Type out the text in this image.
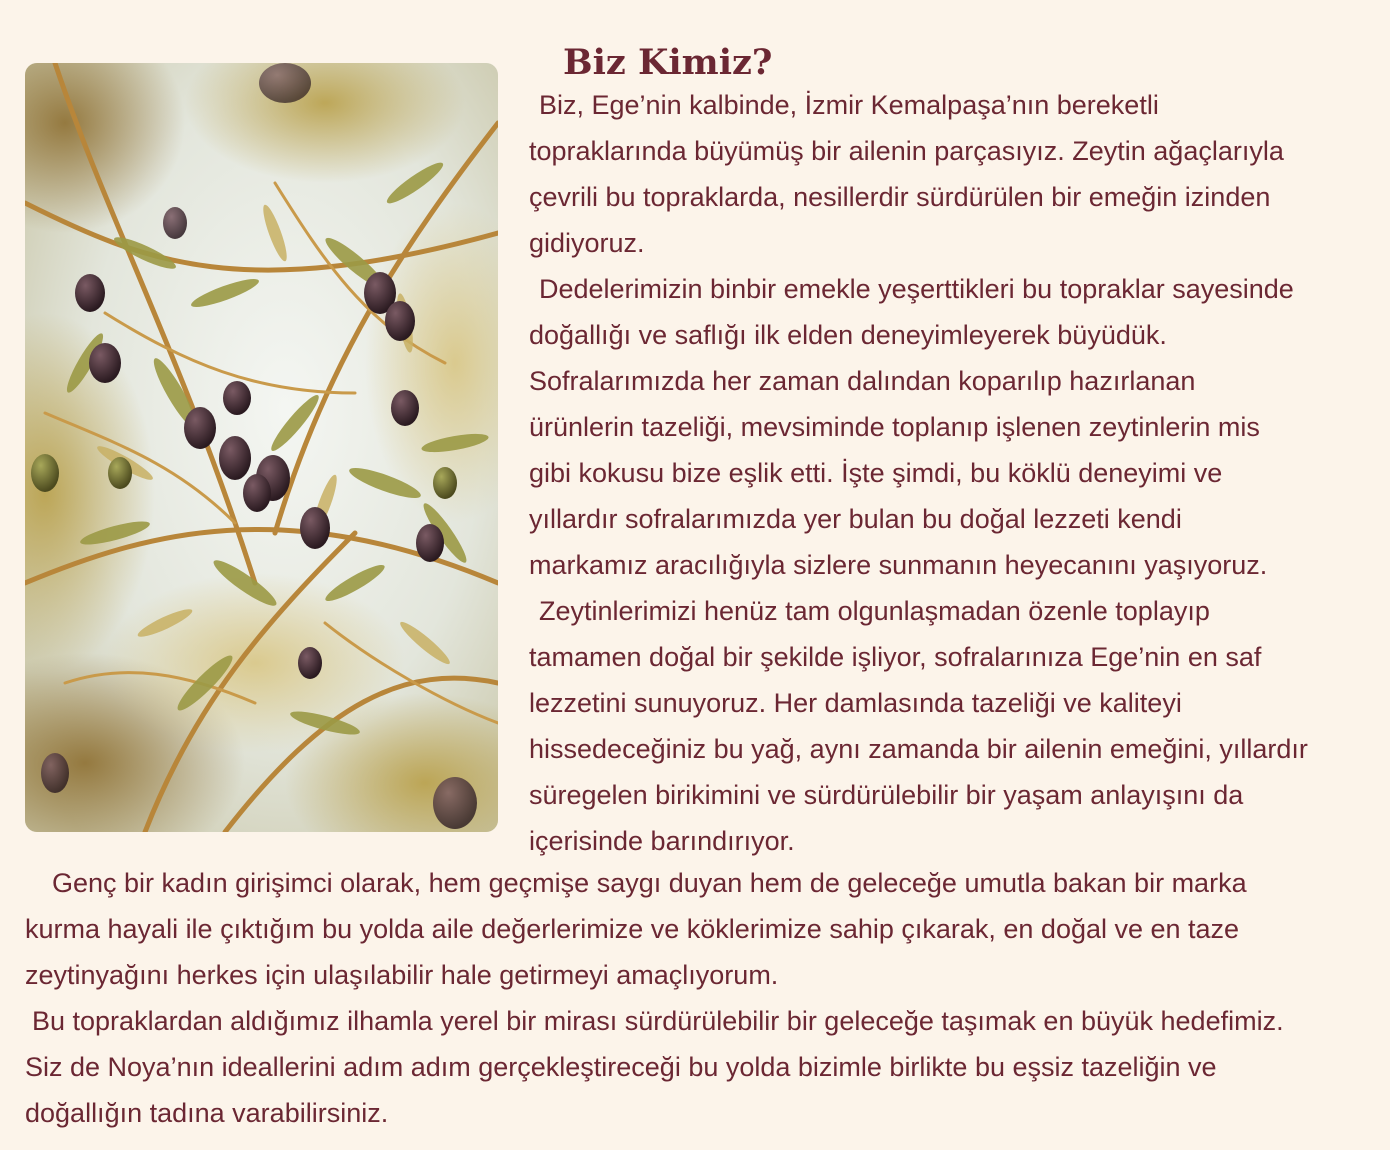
Biz Kimiz?

Biz, Ege’nin kalbinde, İzmir Kemalpaşa’nın bereketli

topraklarında büyümüş bir ailenin parçasıyız. Zeytin ağaçlarıyla

çevrili bu topraklarda, nesillerdir sürdürülen bir emeğin izinden

gidiyoruz.

Dedelerimizin binbir emekle yeşerttikleri bu topraklar sayesinde

doğallığı ve saflığı ilk elden deneyimleyerek büyüdük.

Sofralarımızda her zaman dalından koparılıp hazırlanan

ürünlerin tazeliği, mevsiminde toplanıp işlenen zeytinlerin mis

gibi kokusu bize eşlik etti. İşte şimdi, bu köklü deneyimi ve

yıllardır sofralarımızda yer bulan bu doğal lezzeti kendi

markamız aracılığıyla sizlere sunmanın heyecanını yaşıyoruz.

Zeytinlerimizi henüz tam olgunlaşmadan özenle toplayıp

tamamen doğal bir şekilde işliyor, sofralarınıza Ege’nin en saf

lezzetini sunuyoruz. Her damlasında tazeliği ve kaliteyi

hissedeceğiniz bu yağ, aynı zamanda bir ailenin emeğini, yıllardır

süregelen birikimini ve sürdürülebilir bir yaşam anlayışını da

içerisinde barındırıyor.

Genç bir kadın girişimci olarak, hem geçmişe saygı duyan hem de geleceğe umutla bakan bir marka

kurma hayali ile çıktığım bu yolda aile değerlerimize ve köklerimize sahip çıkarak, en doğal ve en taze

zeytinyağını herkes için ulaşılabilir hale getirmeyi amaçlıyorum.

Bu topraklardan aldığımız ilhamla yerel bir mirası sürdürülebilir bir geleceğe taşımak en büyük hedefimiz.

Siz de Noya’nın ideallerini adım adım gerçekleştireceği bu yolda bizimle birlikte bu eşsiz tazeliğin ve

doğallığın tadına varabilirsiniz.
